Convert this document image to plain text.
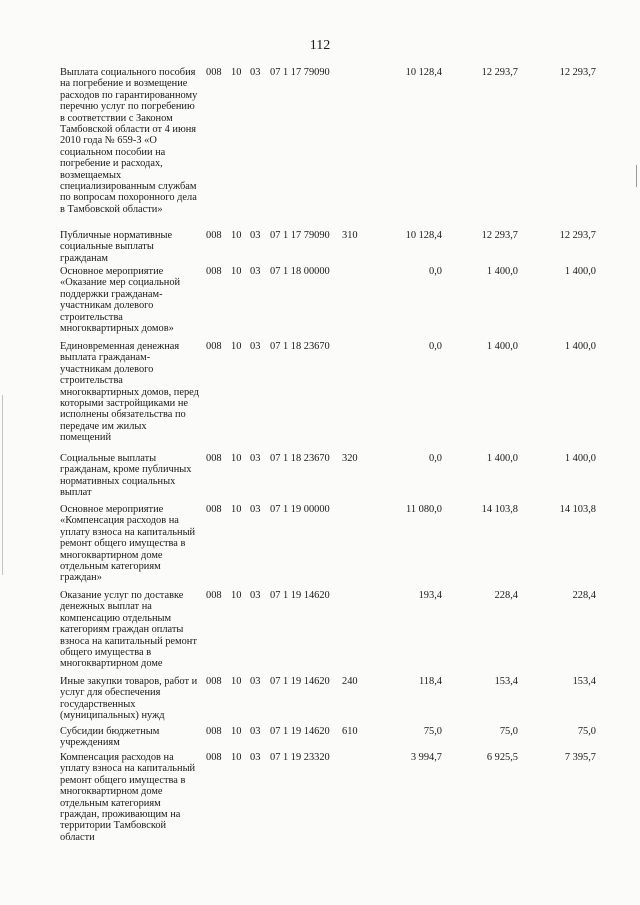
112
Выплата социального пособия
на погребение и возмещение
расходов по гарантированному
перечню услуг по погребению
в соответствии с Законом
Тамбовской области от 4 июня
2010 года № 659-З «О
социальном пособии на
погребение и расходах,
возмещаемых
специализированным службам
по вопросам похоронного дела
в Тамбовской области»
008 10 03 07 1 17 79090	10 128,4	12 293,7	12 293,7
Публичные нормативные
социальные выплаты
гражданам
008 10 03 07 1 17 79090 310	10 128,4	12 293,7	12 293,7
Основное мероприятие
«Оказание мер социальной
поддержки гражданам-
участникам долевого
строительства
многоквартирных домов»
008 10 03 07 1 18 00000	0,0	1 400,0	1 400,0
Единовременная денежная
выплата гражданам-
участникам долевого
строительства
многоквартирных домов, перед
которыми застройщиками не
исполнены обязательства по
передаче им жилых
помещений
008 10 03 07 1 18 23670	0,0	1 400,0	1 400,0
Социальные выплаты
гражданам, кроме публичных
нормативных социальных
выплат
008 10 03 07 1 18 23670 320	0,0	1 400,0	1 400,0
Основное мероприятие
«Компенсация расходов на
уплату взноса на капитальный
ремонт общего имущества в
многоквартирном доме
отдельным категориям
граждан»
008 10 03 07 1 19 00000	11 080,0	14 103,8	14 103,8
Оказание услуг по доставке
денежных выплат на
компенсацию отдельным
категориям граждан оплаты
взноса на капитальный ремонт
общего имущества в
многоквартирном доме
008 10 03 07 1 19 14620	193,4	228,4	228,4
Иные закупки товаров, работ и
услуг для обеспечения
государственных
(муниципальных) нужд
008 10 03 07 1 19 14620 240	118,4	153,4	153,4
Субсидии бюджетным
учреждениям
008 10 03 07 1 19 14620 610	75,0	75,0	75,0
Компенсация расходов на
уплату взноса на капитальный
ремонт общего имущества в
многоквартирном доме
отдельным категориям
граждан, проживающим на
территории Тамбовской
области
008 10 03 07 1 19 23320	3 994,7	6 925,5	7 395,7
